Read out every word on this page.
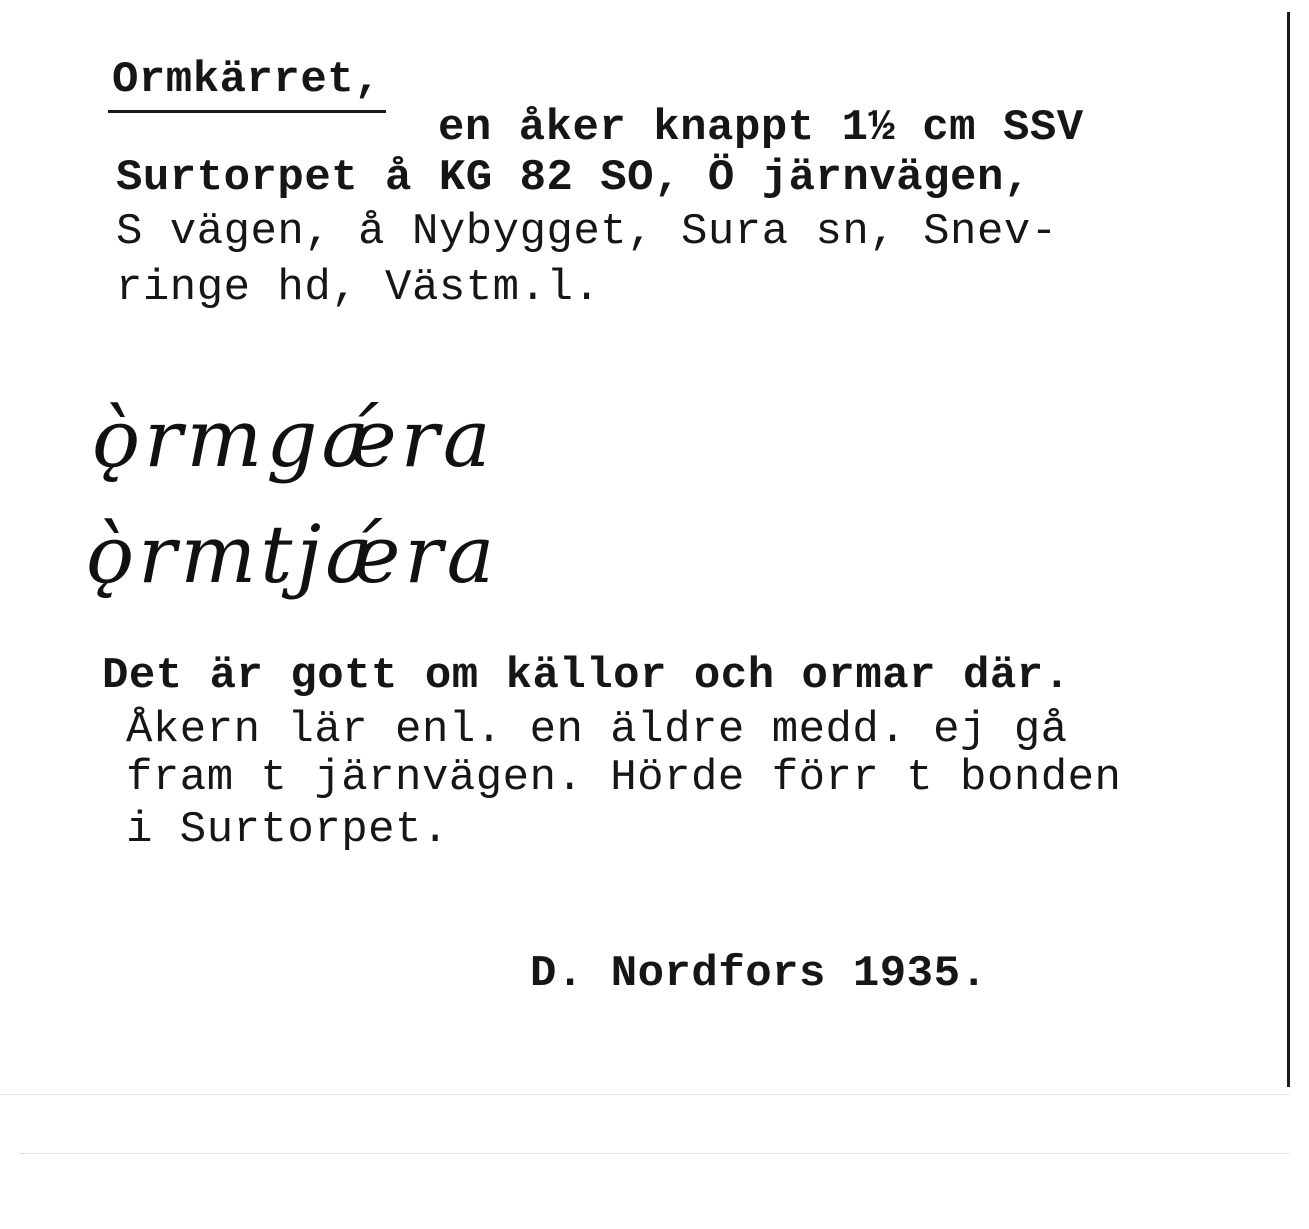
Ormkärret,
en åker knappt 1½ cm SSV
Surtorpet å KG 82 SO, Ö järnvägen,
S vägen, å Nybygget, Sura sn, Snev-
ringe hd, Västm.l.
ǫ̀rmgǽra
ǫ̀rmtjǽra
Det är gott om källor och ormar där.
Åkern lär enl. en äldre medd. ej gå
fram t järnvägen. Hörde förr t bonden
i Surtorpet.
D. Nordfors 1935.
